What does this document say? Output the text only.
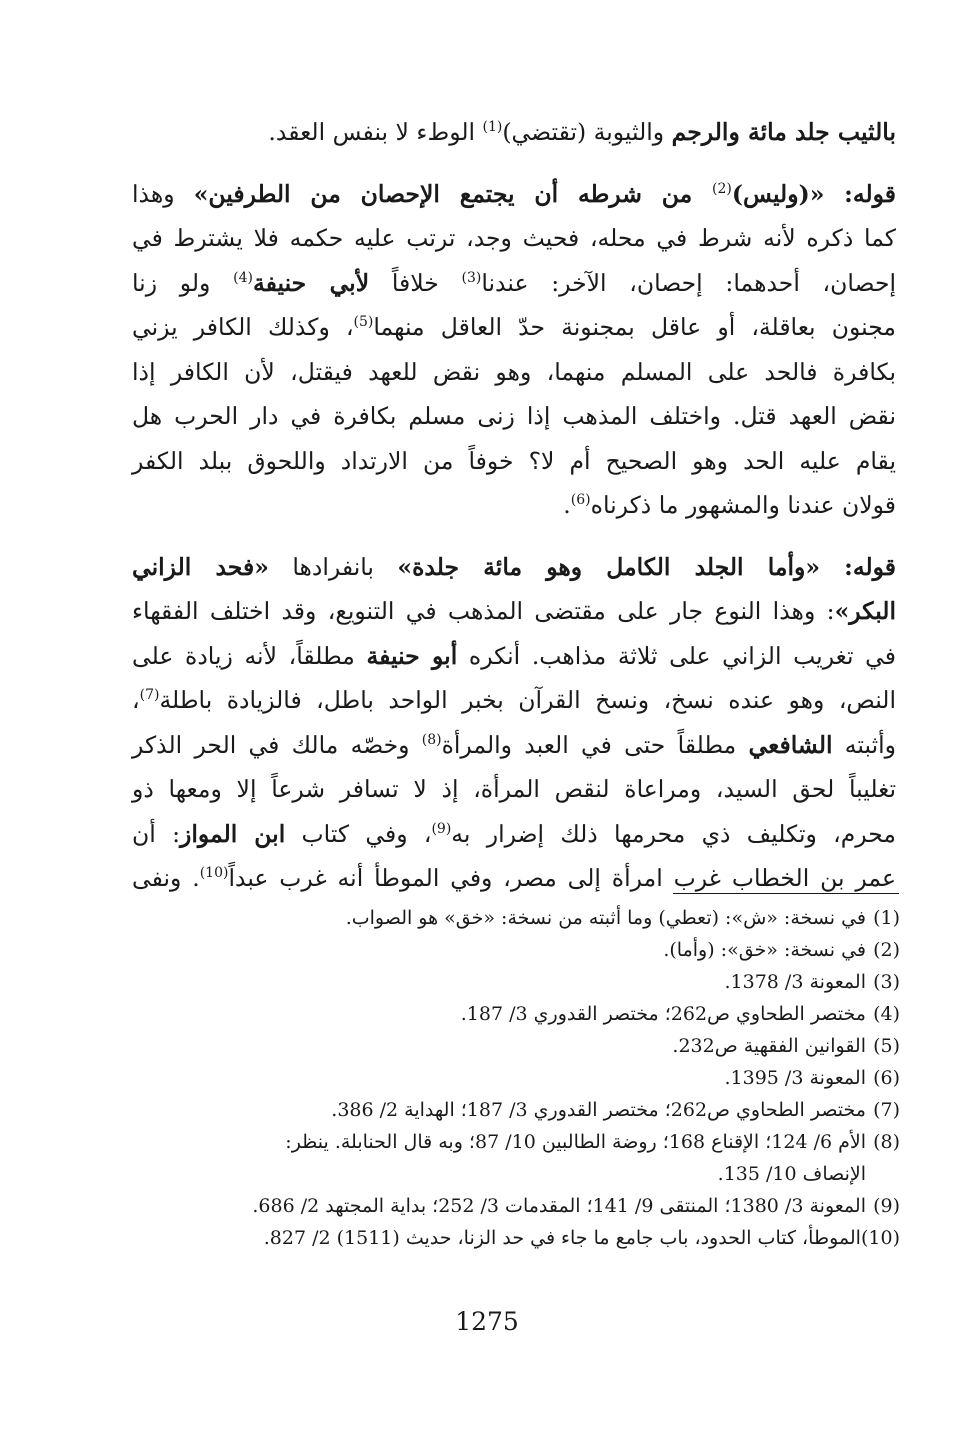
بالثيب جلد مائة والرجم والثيوبة (تقتضي)$^{(1)}$ الوطء لا بنفس العقد.
قوله: «(وليس)$^{(2)}$ من شرطه أن يجتمع الإحصان من الطرفين» وهذا
كما ذكره لأنه شرط في محله، فحيث وجد، ترتب عليه حكمه فلا يشترط في
إحصان، أحدهما: إحصان، الآخر: عندنا$^{(3)}$ خلافاً لأبي حنيفة$^{(4)}$ ولو زنا
مجنون بعاقلة، أو عاقل بمجنونة حدّ العاقل منهما$^{(5)}$، وكذلك الكافر يزني
بكافرة فالحد على المسلم منهما، وهو نقض للعهد فيقتل، لأن الكافر إذا
نقض العهد قتل. واختلف المذهب إذا زنى مسلم بكافرة في دار الحرب هل
يقام عليه الحد وهو الصحيح أم لا؟ خوفاً من الارتداد واللحوق ببلد الكفر
قولان عندنا والمشهور ما ذكرناه$^{(6)}$.
قوله: «وأما الجلد الكامل وهو مائة جلدة» بانفرادها «فحد الزاني
البكر»: وهذا النوع جار على مقتضى المذهب في التنويع، وقد اختلف الفقهاء
في تغريب الزاني على ثلاثة مذاهب. أنكره أبو حنيفة مطلقاً، لأنه زيادة على
النص، وهو عنده نسخ، ونسخ القرآن بخبر الواحد باطل، فالزيادة باطلة$^{(7)}$،
وأثبته الشافعي مطلقاً حتى في العبد والمرأة$^{(8)}$ وخصّه مالك في الحر الذكر
تغليباً لحق السيد، ومراعاة لنقص المرأة، إذ لا تسافر شرعاً إلا ومعها ذو
محرم، وتكليف ذي محرمها ذلك إضرار به$^{(9)}$، وفي كتاب ابن المواز: أن
عمر بن الخطاب غرب امرأة إلى مصر، وفي الموطأ أنه غرب عبداً$^{(10)}$. ونفى
(1)
في نسخة: «ش»: (تعطي) وما أثبته من نسخة: «خق» هو الصواب.
(2)
في نسخة: «خق»: (وأما).
(3)
المعونة 3/ 1378.
(4)
مختصر الطحاوي ص262؛ مختصر القدوري 3/ 187.
(5)
القوانين الفقهية ص232.
(6)
المعونة 3/ 1395.
(7)
مختصر الطحاوي ص262؛ مختصر القدوري 3/ 187؛ الهداية 2/ 386.
(8)
الأم 6/ 124؛ الإقناع 168؛ روضة الطالبين 10/ 87؛ وبه قال الحنابلة. ينظر:
الإنصاف 10/ 135.
(9)
المعونة 3/ 1380؛ المنتقى 9/ 141؛ المقدمات 3/ 252؛ بداية المجتهد 2/ 686.
(10)
الموطأ، كتاب الحدود، باب جامع ما جاء في حد الزنا، حديث (1511) 2/ 827.
1275
